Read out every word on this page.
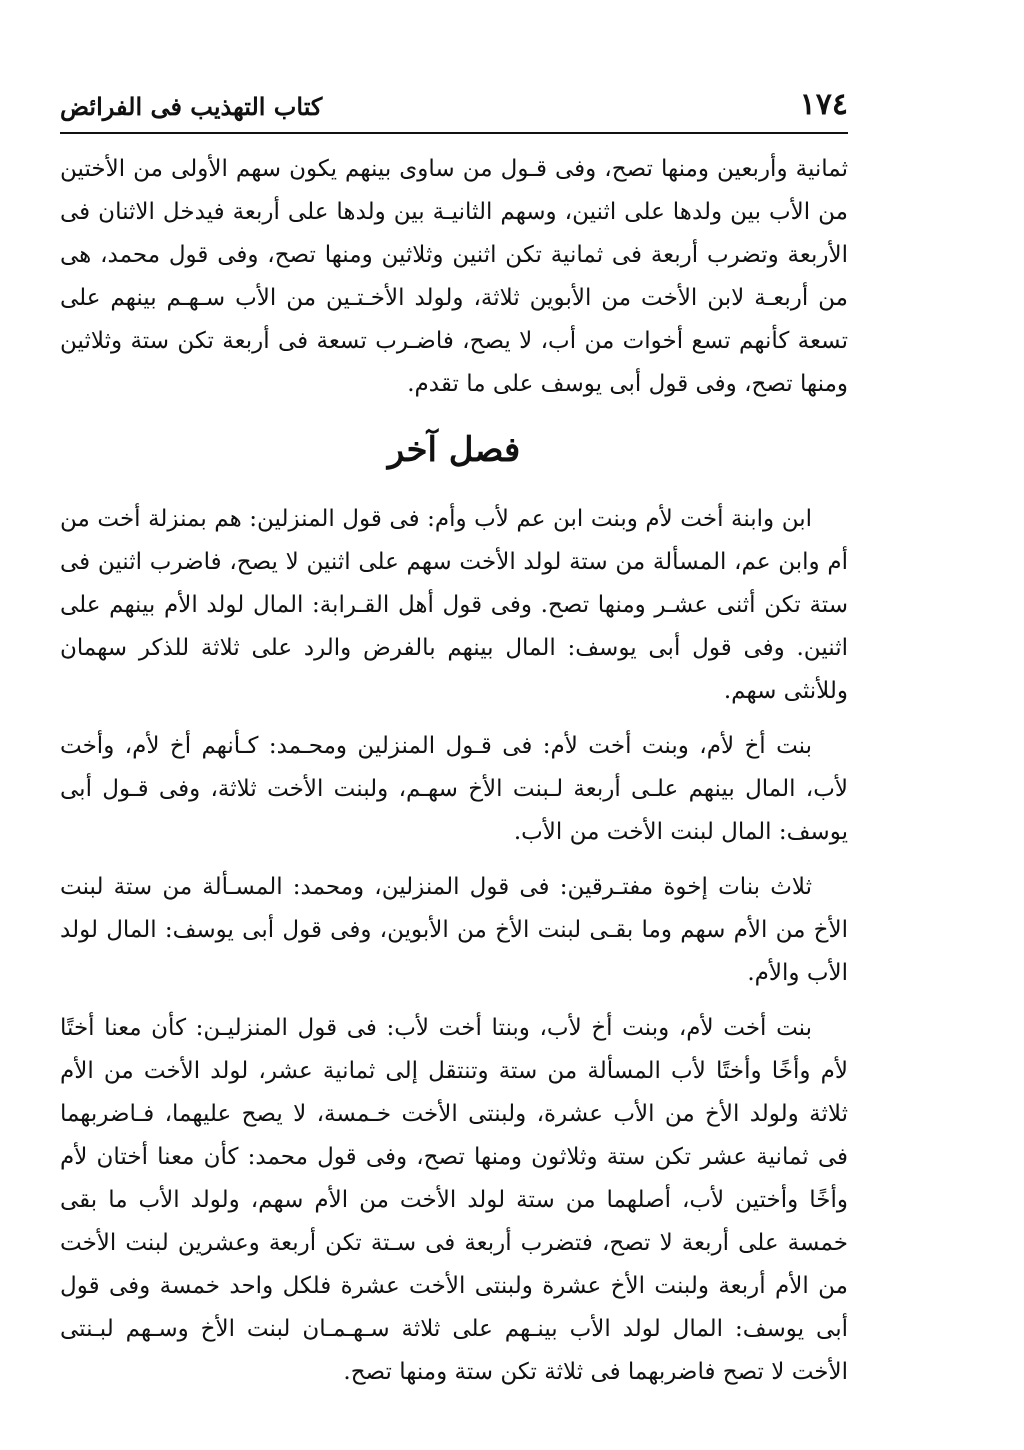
١٧٤
كتاب التهذيب فى الفرائض

ثمانية وأربعين ومنها تصح، وفى قـول من ساوى بينهم يكون سهم الأولى من الأختين من الأب بين ولدها على اثنين، وسهم الثانيـة بين ولدها على أربعة فيدخل الاثنان فى الأربعة وتضرب أربعة فى ثمانية تكن اثنين وثلاثين ومنها تصح، وفى قول محمد، هى من أربعـة لابن الأخت من الأبوين ثلاثة، ولولد الأخـتـين من الأب سـهـم بينهم على تسعة كأنهم تسع أخوات من أب، لا يصح، فاضـرب تسعة فى أربعة تكن ستة وثلاثين ومنها تصح، وفى قول أبى يوسف على ما تقدم.

فصل آخر

ابن وابنة أخت لأم وبنت ابن عم لأب وأم: فى قول المنزلين: هم بمنزلة أخت من أم وابن عم، المسألة من ستة لولد الأخت سهم على اثنين لا يصح، فاضرب اثنين فى ستة تكن أثنى عشـر ومنها تصح. وفى قول أهل القـرابة: المال لولد الأم بينهم على اثنين. وفى قول أبى يوسف: المال بينهم بالفرض والرد على ثلاثة للذكر سهمان وللأنثى سهم.

بنت أخ لأم، وبنت أخت لأم: فى قـول المنزلين ومحـمد: كـأنهم أخ لأم، وأخت لأب، المال بينهم علـى أربعة لـبنت الأخ سهـم، ولبنت الأخت ثلاثة، وفى قـول أبى يوسف: المال لبنت الأخت من الأب.

ثلاث بنات إخوة مفتـرقين: فى قول المنزلين، ومحمد: المسـألة من ستة لبنت الأخ من الأم سهم وما بقـى لبنت الأخ من الأبوين، وفى قول أبى يوسف: المال لولد الأب والأم.

بنت أخت لأم، وبنت أخ لأب، وبنتا أخت لأب: فى قول المنزليـن: كأن معنا أختًا لأم وأخًا وأختًا لأب المسألة من ستة وتنتقل إلى ثمانية عشر، لولد الأخت من الأم ثلاثة ولولد الأخ من الأب عشرة، ولبنتى الأخت خـمسة، لا يصح عليهما، فـاضربهما فى ثمانية عشر تكن ستة وثلاثون ومنها تصح، وفى قول محمد: كأن معنا أختان لأم وأخًا وأختين لأب، أصلهما من ستة لولد الأخت من الأم سهم، ولولد الأب ما بقى خمسة على أربعة لا تصح، فتضرب أربعة فى سـتة تكن أربعة وعشرين لبنت الأخت من الأم أربعة ولبنت الأخ عشرة ولبنتى الأخت عشرة فلكل واحد خمسة وفى قول أبى يوسف: المال لولد الأب بينـهم على ثلاثة سـهـمـان لبنت الأخ وسـهم لبـنتى الأخت لا تصح فاضربهما فى ثلاثة تكن ستة ومنها تصح.
